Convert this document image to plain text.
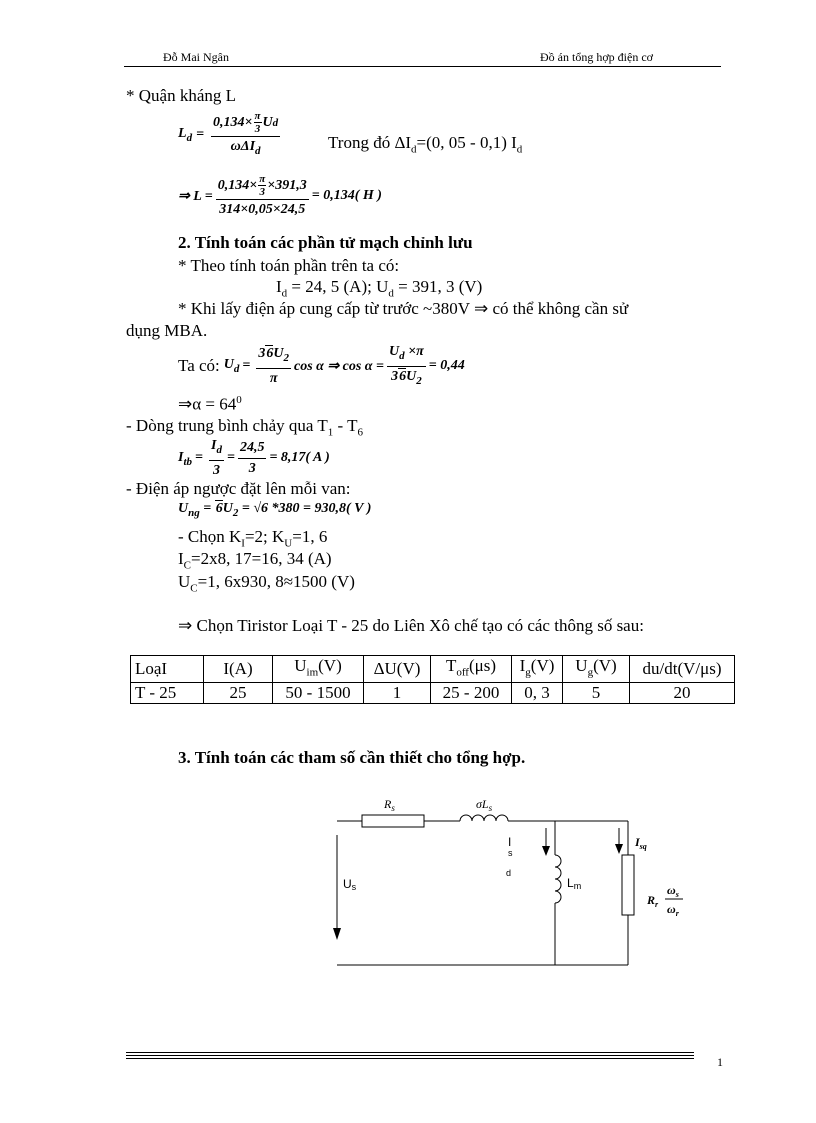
Đỗ Mai Ngân	Đồ án tổng hợp điện cơ
* Quận kháng L
$L_d = \frac{0,134\times \frac{\pi}{3} U d}{\omega\Delta I_d}$	Trong đó $\Delta I_d=(0$, 05 - 0,1) $I_d$
⇒ $L = \frac{0,134\times \frac{\pi}{3} \times 391,3}{314\times 0,05\times 24,5} = 0,134$( H )
2. Tính toán các phần tử mạch chỉnh lưu
* Theo tính toán phần trên ta có:
$I_d = 24$, 5 (A); $U_d = 391$, 3 (V)
* Khi lấy điện áp cung cấp từ trước ~380V ⇒ có thể không cần sử
dụng MBA.
Ta có: $U_d = \frac{36U_2}{\pi}$ cos α ⇒ $\cos \alpha = \frac{U_d \times\pi}{36U_2} = 0,44$
⇒α = $64^0$
- Dòng trung bình chảy qua $T_1 - T_6$
$I_{tb} = \frac{I_d}{3} = \frac{24,5}{3} = 8,17$( A )
- Điện áp ngược đặt lên mỗi van:
$U_{ng} = 6U_2 = √6$ *380 = 930,8( V )
- Chọn $K_I=2$; $K_U=1$, 6
$I_C=2x8$, 17=16, 34 (A)
$U_C=1$, 6x930, 8≈1500 (V)
⇒ Chọn Tiristor Loại T - 25 do Liên Xô chế tạo có các thông số sau:
LoạI	I(A)	$U_{im}(V)$	ΔU(V)	$T_{off}(\mu s)$	$I_g(V)$	$U_g(V)$	du/dt(V/μs)
T - 25	25	50 - 1500	1	25 - 200	0, 3	5	20
3. Tính toán các tham số cần thiết cho tổng hợp.
$R_s$	$\sigma L_s$
Us
I
s
d
Lm
$I_{sq}$
$R_r$
$\omega_s$
$\omega_r$
1
